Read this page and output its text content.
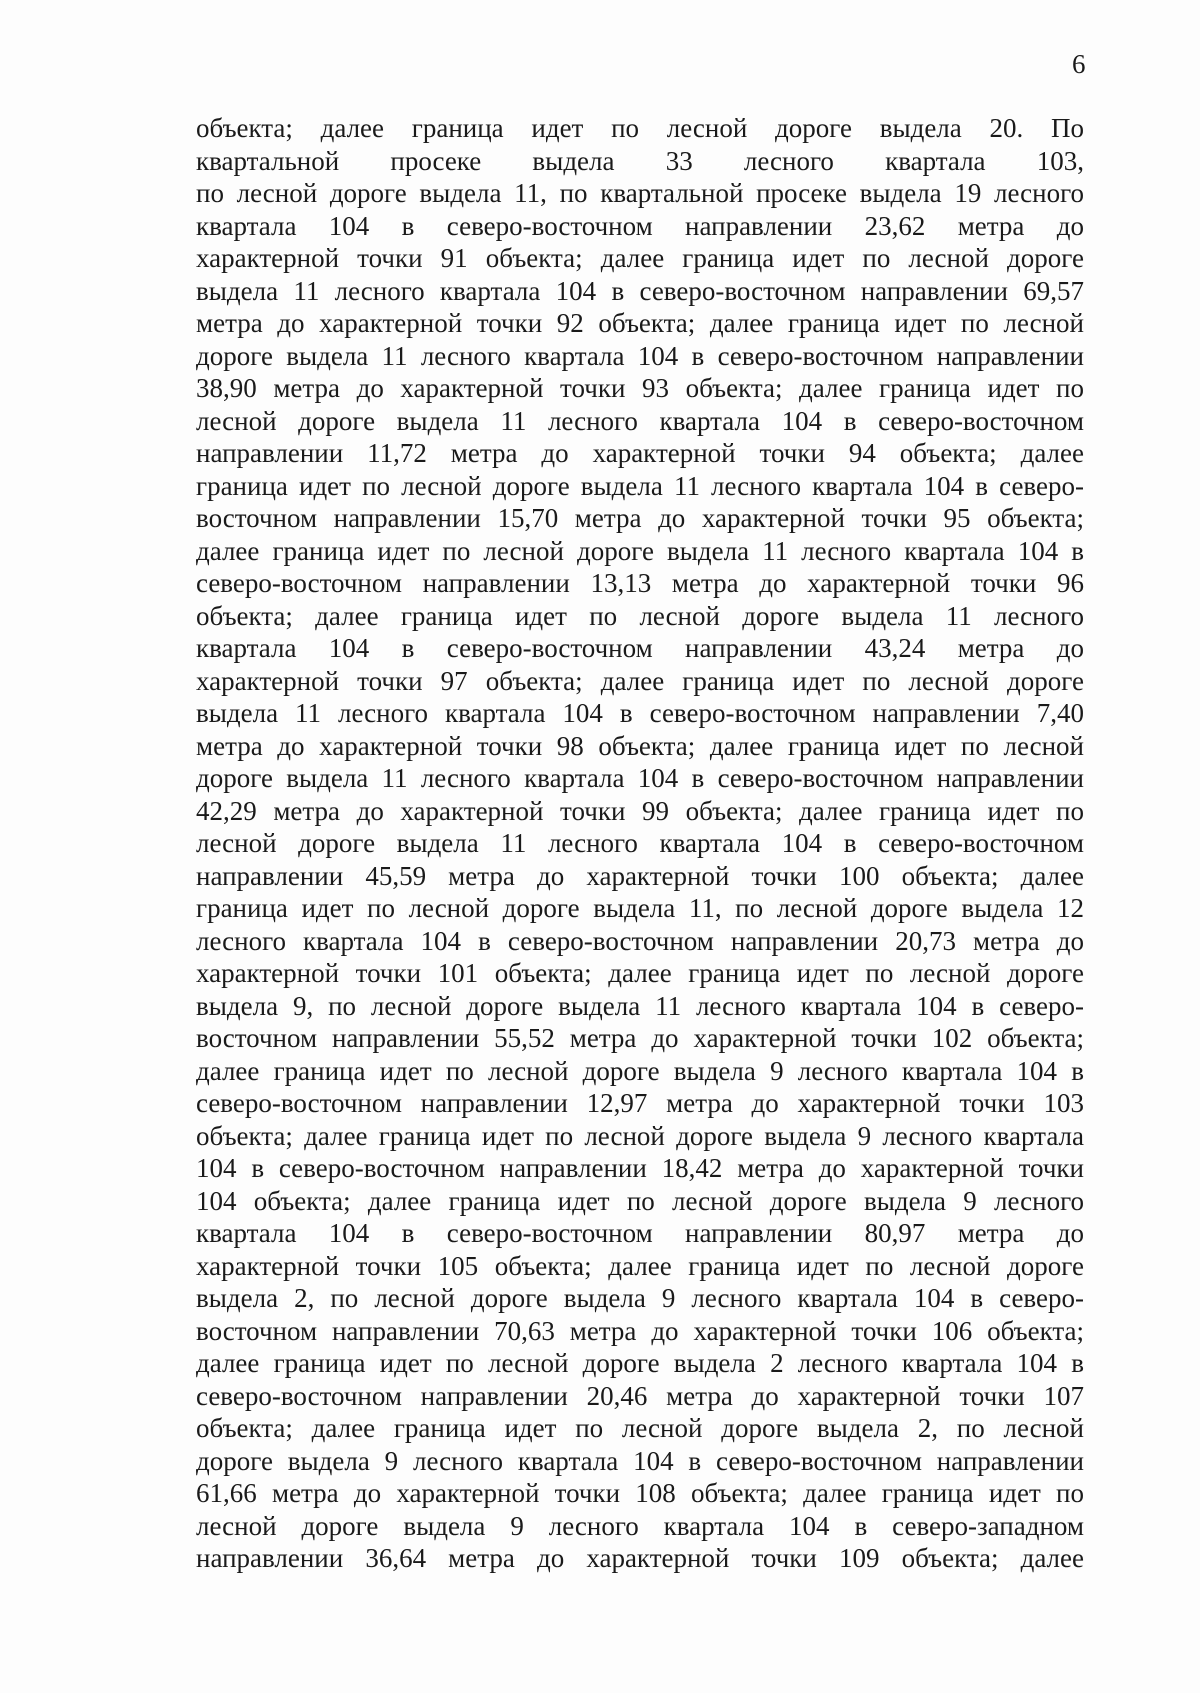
6
объекта; далее граница идет по лесной дороге выдела 20. По
квартальной просеке выдела 33 лесного квартала 103,
по лесной дороге выдела 11, по квартальной просеке выдела 19 лесного
квартала 104 в северо-восточном направлении 23,62 метра до
характерной точки 91 объекта; далее граница идет по лесной дороге
выдела 11 лесного квартала 104 в северо-восточном направлении 69,57
метра до характерной точки 92 объекта; далее граница идет по лесной
дороге выдела 11 лесного квартала 104 в северо-восточном направлении
38,90 метра до характерной точки 93 объекта; далее граница идет по
лесной дороге выдела 11 лесного квартала 104 в северо-восточном
направлении 11,72 метра до характерной точки 94 объекта; далее
граница идет по лесной дороге выдела 11 лесного квартала 104 в северо-
восточном направлении 15,70 метра до характерной точки 95 объекта;
далее граница идет по лесной дороге выдела 11 лесного квартала 104 в
северо-восточном направлении 13,13 метра до характерной точки 96
объекта; далее граница идет по лесной дороге выдела 11 лесного
квартала 104 в северо-восточном направлении 43,24 метра до
характерной точки 97 объекта; далее граница идет по лесной дороге
выдела 11 лесного квартала 104 в северо-восточном направлении 7,40
метра до характерной точки 98 объекта; далее граница идет по лесной
дороге выдела 11 лесного квартала 104 в северо-восточном направлении
42,29 метра до характерной точки 99 объекта; далее граница идет по
лесной дороге выдела 11 лесного квартала 104 в северо-восточном
направлении 45,59 метра до характерной точки 100 объекта; далее
граница идет по лесной дороге выдела 11, по лесной дороге выдела 12
лесного квартала 104 в северо-восточном направлении 20,73 метра до
характерной точки 101 объекта; далее граница идет по лесной дороге
выдела 9, по лесной дороге выдела 11 лесного квартала 104 в северо-
восточном направлении 55,52 метра до характерной точки 102 объекта;
далее граница идет по лесной дороге выдела 9 лесного квартала 104 в
северо-восточном направлении 12,97 метра до характерной точки 103
объекта; далее граница идет по лесной дороге выдела 9 лесного квартала
104 в северо-восточном направлении 18,42 метра до характерной точки
104 объекта; далее граница идет по лесной дороге выдела 9 лесного
квартала 104 в северо-восточном направлении 80,97 метра до
характерной точки 105 объекта; далее граница идет по лесной дороге
выдела 2, по лесной дороге выдела 9 лесного квартала 104 в северо-
восточном направлении 70,63 метра до характерной точки 106 объекта;
далее граница идет по лесной дороге выдела 2 лесного квартала 104 в
северо-восточном направлении 20,46 метра до характерной точки 107
объекта; далее граница идет по лесной дороге выдела 2, по лесной
дороге выдела 9 лесного квартала 104 в северо-восточном направлении
61,66 метра до характерной точки 108 объекта; далее граница идет по
лесной дороге выдела 9 лесного квартала 104 в северо-западном
направлении 36,64 метра до характерной точки 109 объекта; далее
